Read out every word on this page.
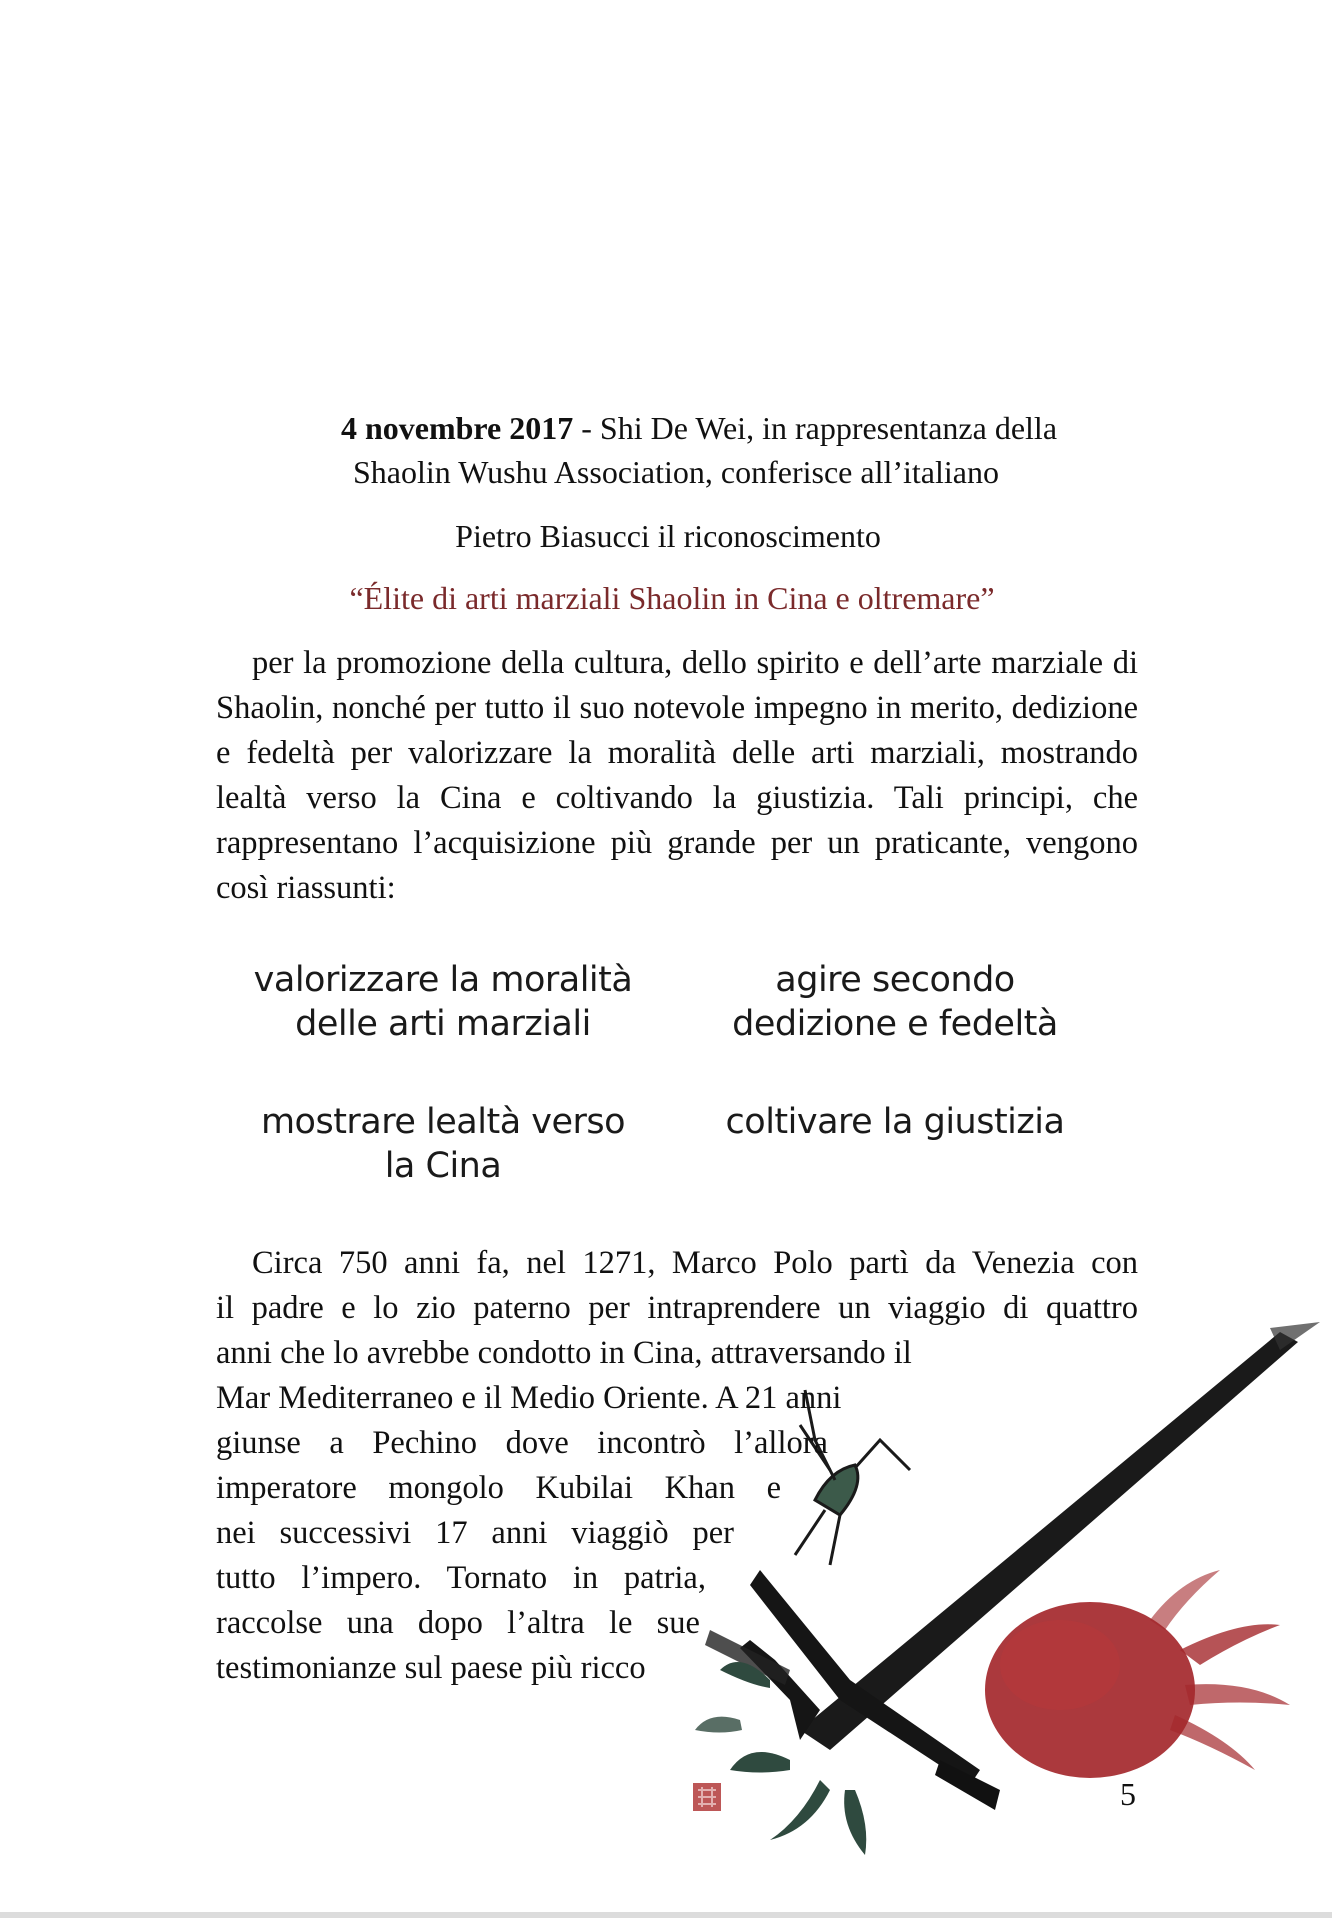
4 novembre 2017 - Shi De Wei, in rappresentanza della
Shaolin Wushu Association, conferisce all’italiano
Pietro Biasucci il riconoscimento
“Élite di arti marziali Shaolin in Cina e oltremare”

per la promozione della cultura, dello spirito e dell’arte marziale di Shaolin, nonché per tutto il suo notevole impegno in merito, dedizione e fedeltà per valorizzare la moralità delle arti marziali, mostrando lealtà verso la Cina e coltivando la giustizia. Tali principi, che rappresentano l’acquisizione più grande per un praticante, vengono così riassunti:

valorizzare la moralità
delle arti marziali
agire secondo
dedizione e fedeltà
mostrare lealtà verso
la Cina
coltivare la giustizia
Circa 750 anni fa, nel 1271, Marco Polo partì da Venezia con
il padre e lo zio paterno per intraprendere un viaggio di quattro
anni che lo avrebbe condotto in Cina, attraversando il
Mar Mediterraneo e il Medio Oriente. A 21 anni
giunse a Pechino dove incontrò l’allora
imperatore mongolo Kubilai Khan e
nei successivi 17 anni viaggiò per
tutto l’impero. Tornato in patria,
raccolse una dopo l’altra le sue
testimonianze sul paese più ricco
5
